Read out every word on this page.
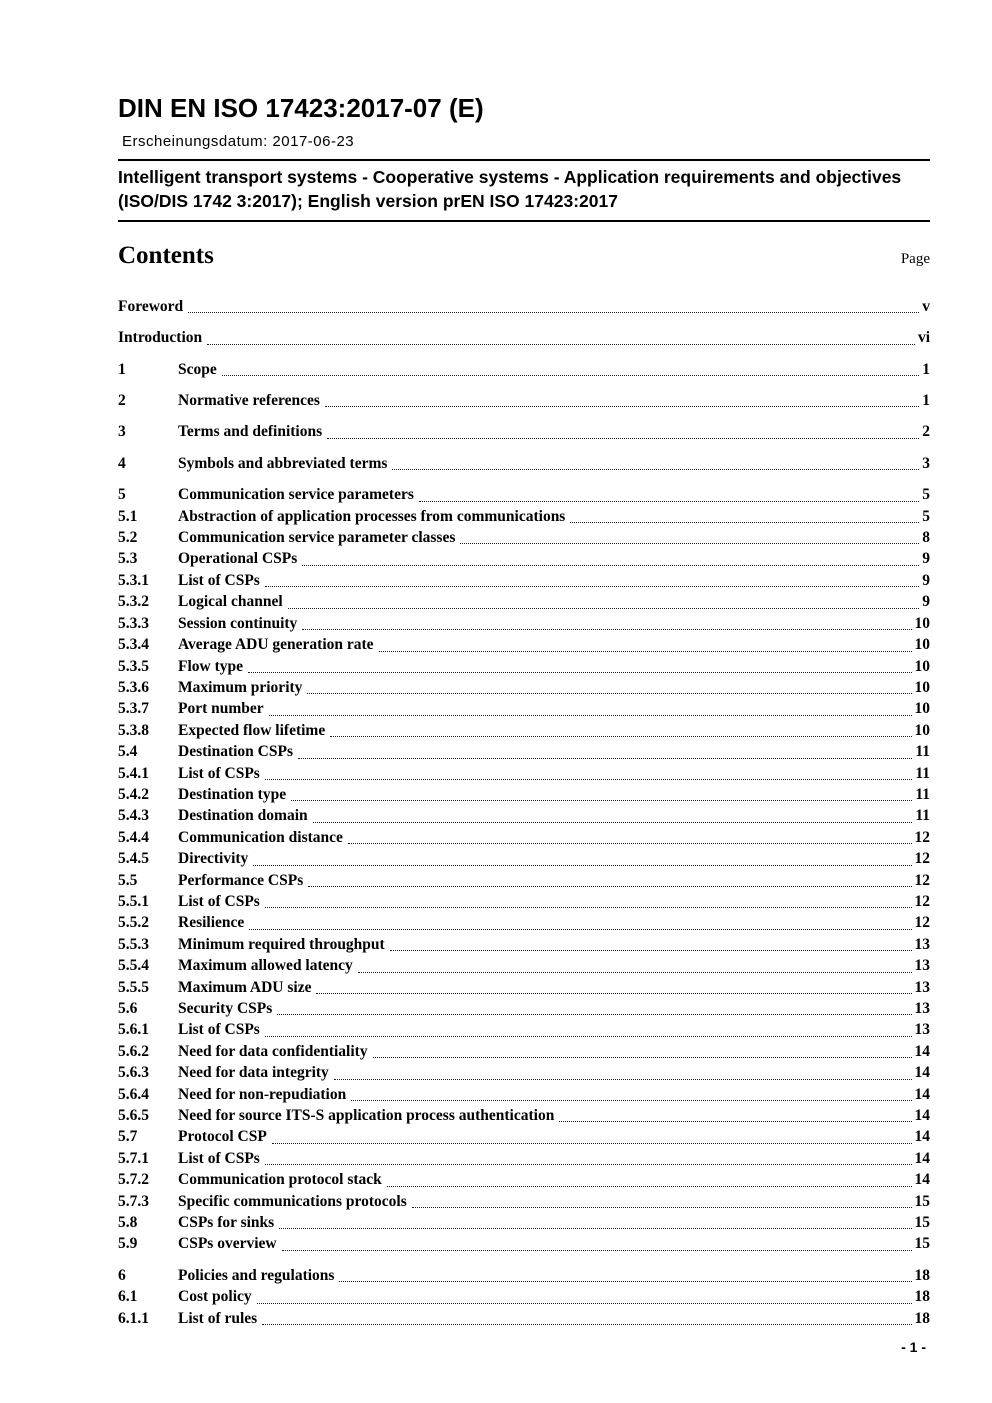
DIN EN ISO 17423:2017-07 (E)
Erscheinungsdatum: 2017-06-23
Intelligent transport systems - Cooperative systems - Application requirements and objectives (ISO/DIS 1742 3:2017); English version prEN ISO 17423:2017
Contents	Page
Foreword	v
Introduction	vi
1	Scope	1
2	Normative references	1
3	Terms and definitions	2
4	Symbols and abbreviated terms	3
5	Communication service parameters	5
5.1	Abstraction of application processes from communications	5
5.2	Communication service parameter classes	8
5.3	Operational CSPs	9
5.3.1	List of CSPs	9
5.3.2	Logical channel	9
5.3.3	Session continuity	10
5.3.4	Average ADU generation rate	10
5.3.5	Flow type	10
5.3.6	Maximum priority	10
5.3.7	Port number	10
5.3.8	Expected flow lifetime	10
5.4	Destination CSPs	11
5.4.1	List of CSPs	11
5.4.2	Destination type	11
5.4.3	Destination domain	11
5.4.4	Communication distance	12
5.4.5	Directivity	12
5.5	Performance CSPs	12
5.5.1	List of CSPs	12
5.5.2	Resilience	12
5.5.3	Minimum required throughput	13
5.5.4	Maximum allowed latency	13
5.5.5	Maximum ADU size	13
5.6	Security CSPs	13
5.6.1	List of CSPs	13
5.6.2	Need for data confidentiality	14
5.6.3	Need for data integrity	14
5.6.4	Need for non-repudiation	14
5.6.5	Need for source ITS-S application process authentication	14
5.7	Protocol CSP	14
5.7.1	List of CSPs	14
5.7.2	Communication protocol stack	14
5.7.3	Specific communications protocols	15
5.8	CSPs for sinks	15
5.9	CSPs overview	15
6	Policies and regulations	18
6.1	Cost policy	18
6.1.1	List of rules	18
- 1 -
